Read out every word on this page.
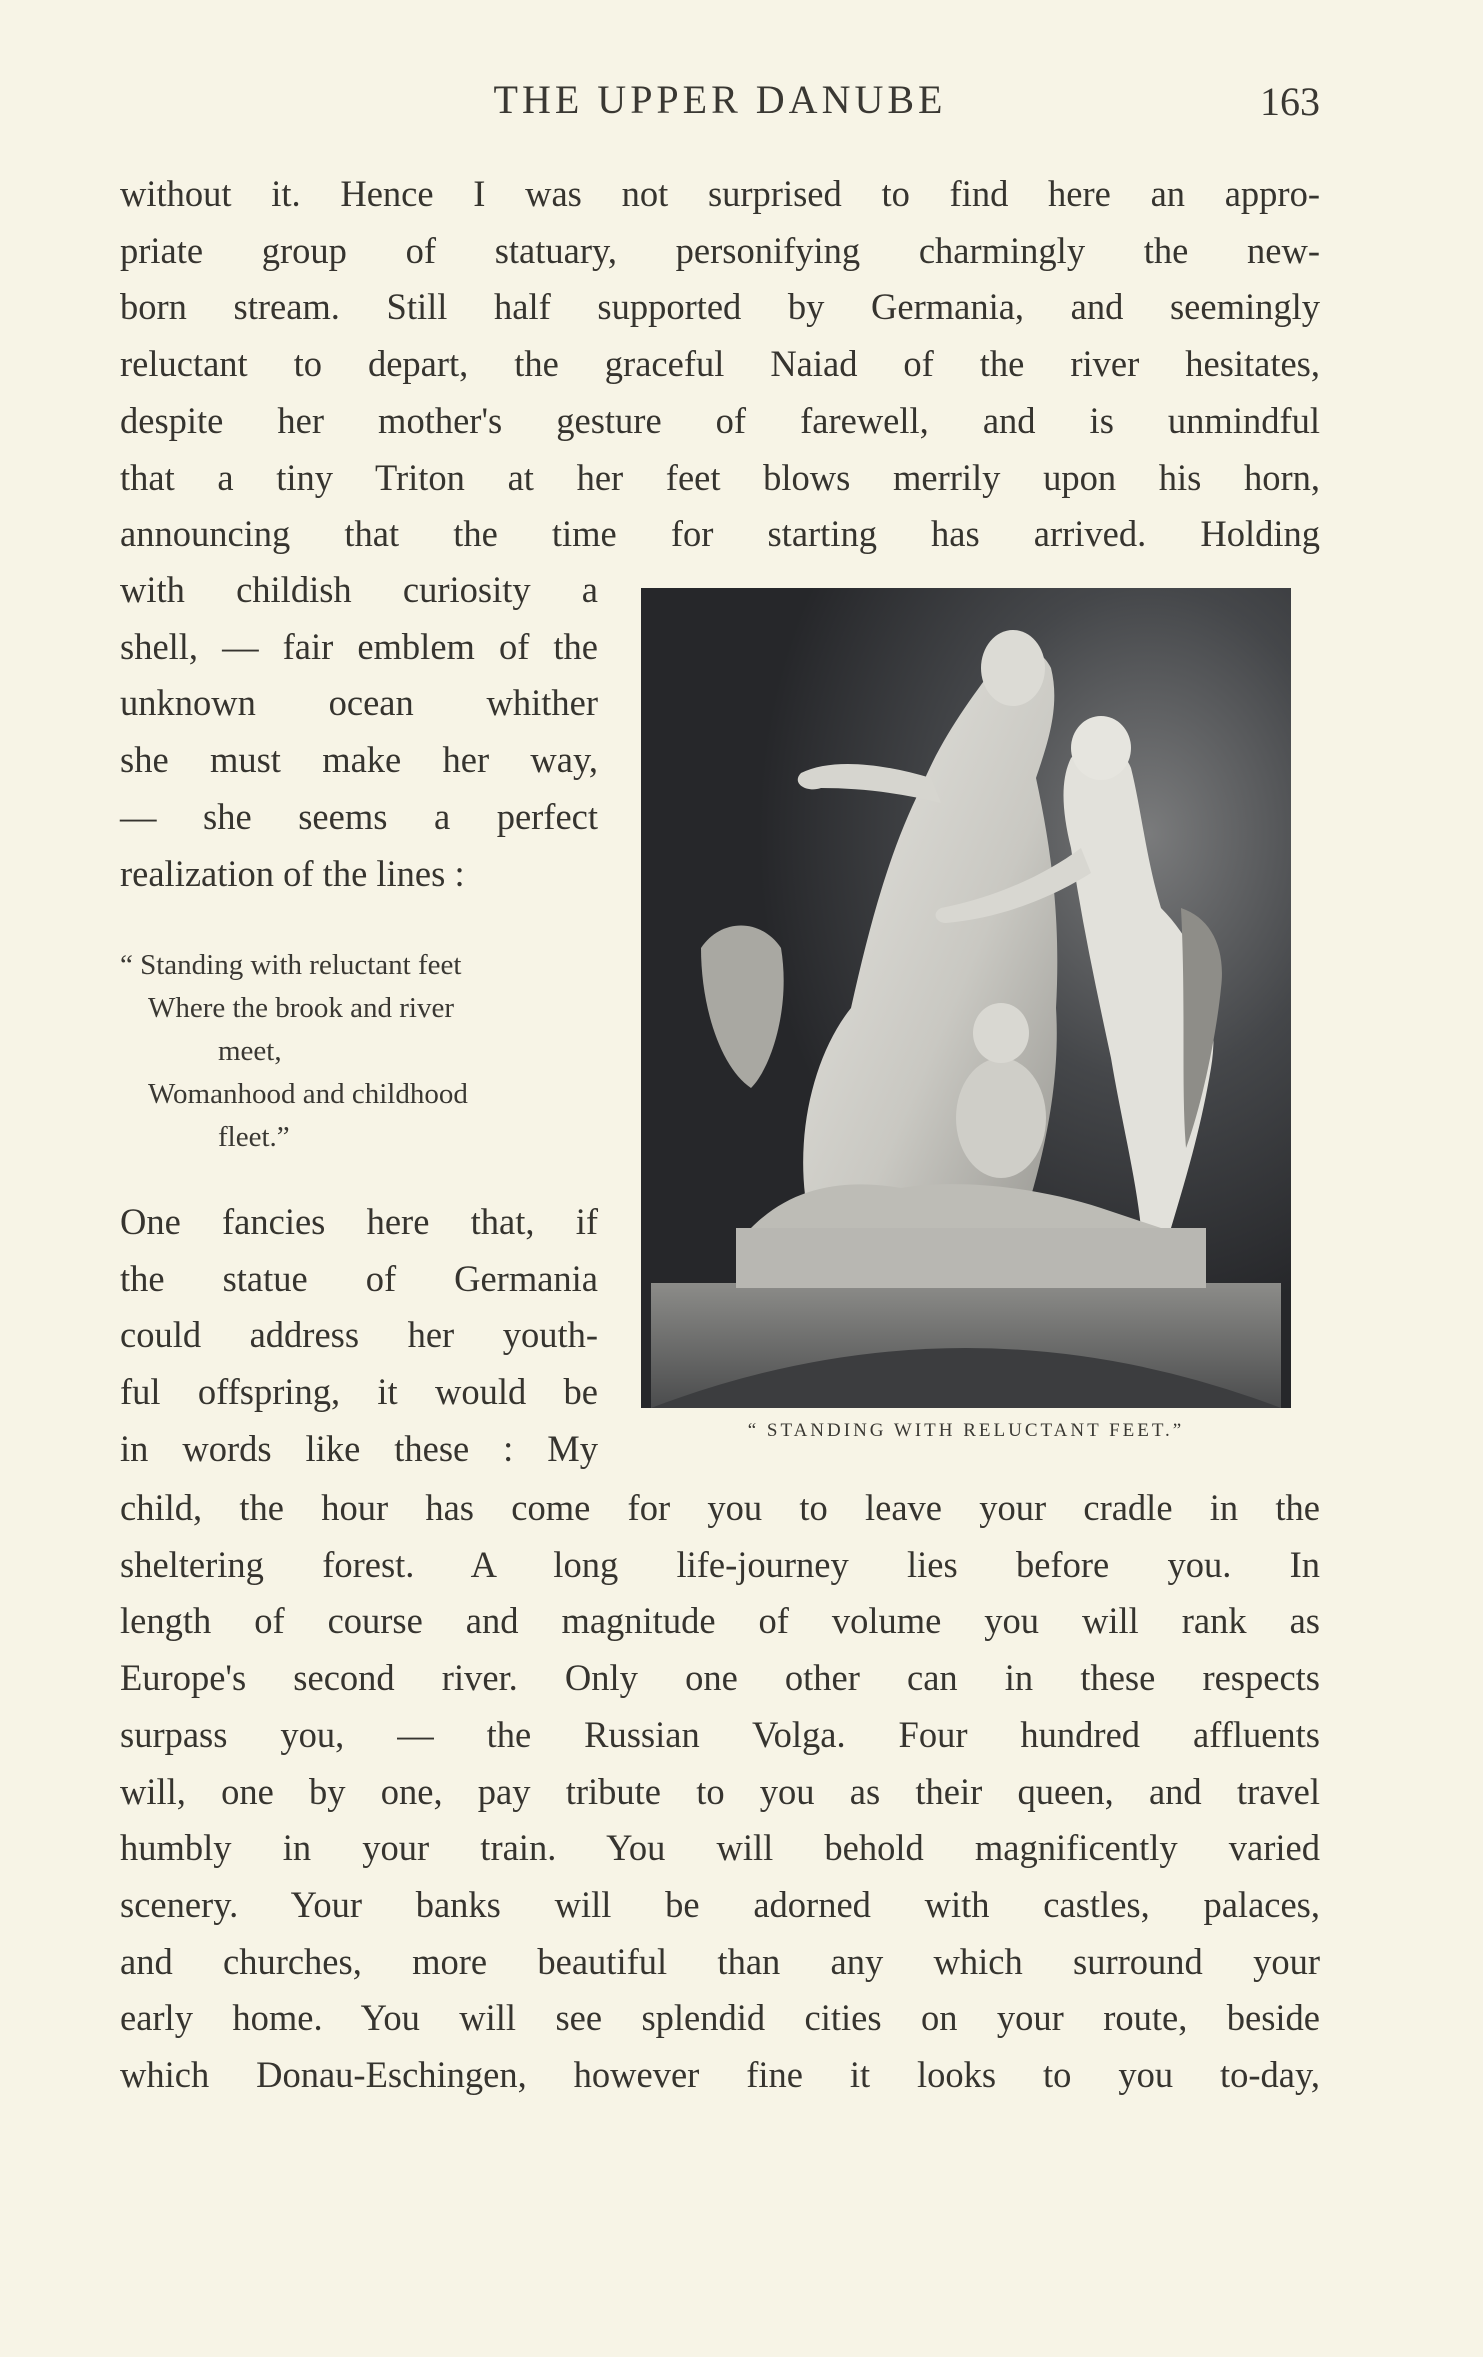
THE UPPER DANUBE	163
without it. Hence I was not surprised to find here an appro-
priate group of statuary, personifying charmingly the new-
born stream. Still half supported by Germania, and seemingly
reluctant to depart, the graceful Naiad of the river hesitates,
despite her mother's gesture of farewell, and is unmindful
that a tiny Triton at her feet blows merrily upon his horn,
announcing that the time for starting has arrived. Holding
with childish curiosity a
shell, — fair emblem of the
unknown ocean whither
she must make her way,
— she seems a perfect
realization of the lines :
“ Standing with reluctant feet
Where the brook and river
meet,
Womanhood and childhood
fleet.”
One fancies here that, if
the statue of Germania
could address her youth-
ful offspring, it would be
in words like these : My	“ STANDING WITH RELUCTANT FEET.”
child, the hour has come for you to leave your cradle in the
sheltering forest. A long life-journey lies before you. In
length of course and magnitude of volume you will rank as
Europe's second river. Only one other can in these respects
surpass you, — the Russian Volga. Four hundred affluents
will, one by one, pay tribute to you as their queen, and travel
humbly in your train. You will behold magnificently varied
scenery. Your banks will be adorned with castles, palaces,
and churches, more beautiful than any which surround your
early home. You will see splendid cities on your route, beside
which Donau-Eschingen, however fine it looks to you to-day,
